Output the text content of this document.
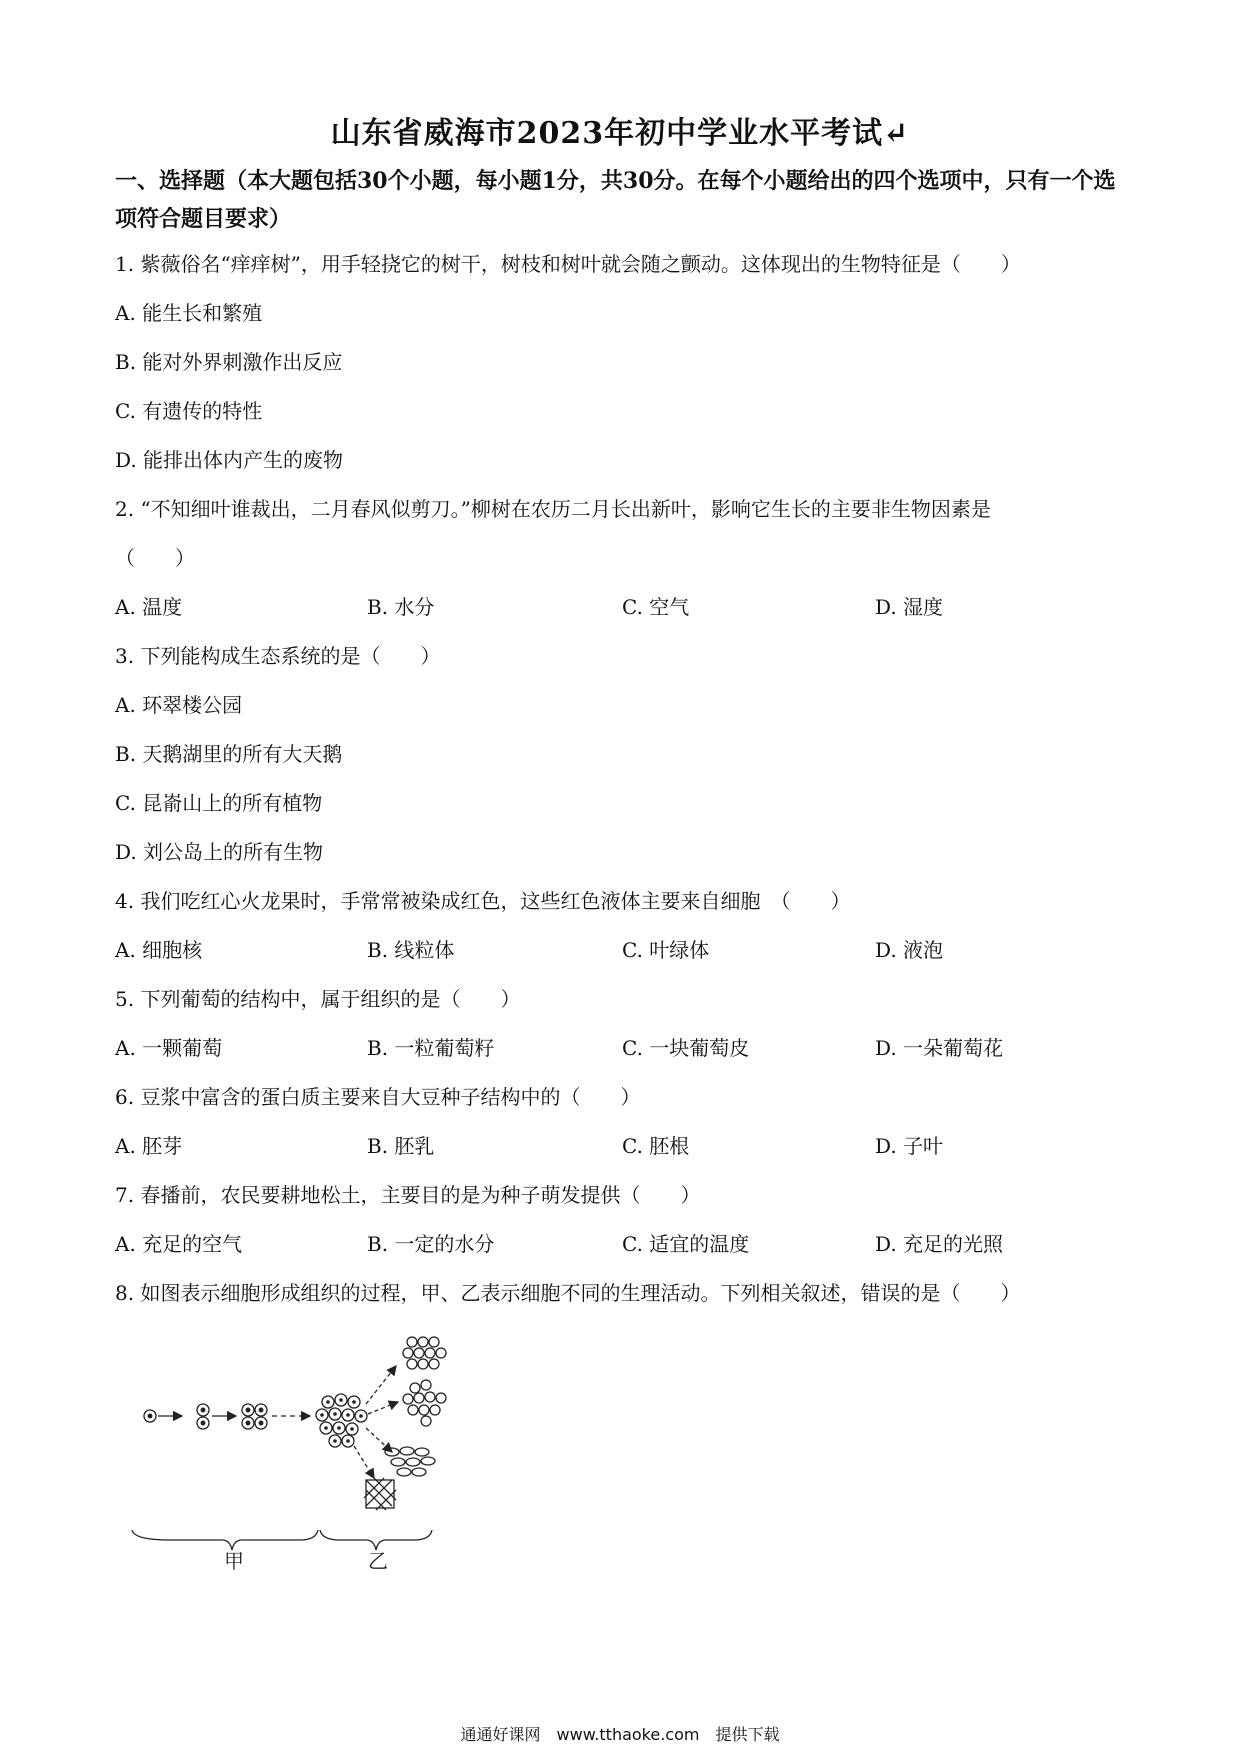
山东省威海市2023年初中学业水平考试↵
一、选择题（本大题包括30个小题，每小题1分，共30分。在每个小题给出的四个选项中，只有一个选项符合题目要求）
1. 紫薇俗名“痒痒树”，用手轻挠它的树干，树枝和树叶就会随之颤动。这体现出的生物特征是（　　）
A. 能生长和繁殖
B. 能对外界刺激作出反应
C. 有遗传的特性
D. 能排出体内产生的废物
2. “不知细叶谁裁出，二月春风似剪刀。”柳树在农历二月长出新叶，影响它生长的主要非生物因素是
（　　）
A. 温度	B. 水分	C. 空气	D. 湿度
3. 下列能构成生态系统的是（　　）
A. 环翠楼公园
B. 天鹅湖里的所有大天鹅
C. 昆嵛山上的所有植物
D. 刘公岛上的所有生物
4. 我们吃红心火龙果时，手常常被染成红色，这些红色液体主要来自细胞　（　　）
A. 细胞核	B. 线粒体	C. 叶绿体	D. 液泡
5. 下列葡萄的结构中，属于组织的是（　　）
A. 一颗葡萄	B. 一粒葡萄籽	C. 一块葡萄皮	D. 一朵葡萄花
6. 豆浆中富含的蛋白质主要来自大豆种子结构中的（　　）
A. 胚芽	B. 胚乳	C. 胚根	D. 子叶
7. 春播前，农民要耕地松土，主要目的是为种子萌发提供（　　）
A. 充足的空气	B. 一定的水分	C. 适宜的温度	D. 充足的光照
8. 如图表示细胞形成组织的过程，甲、乙表示细胞不同的生理活动。下列相关叙述，错误的是（　　）
甲	乙
通通好课网　www.tthaoke.com　提供下载
